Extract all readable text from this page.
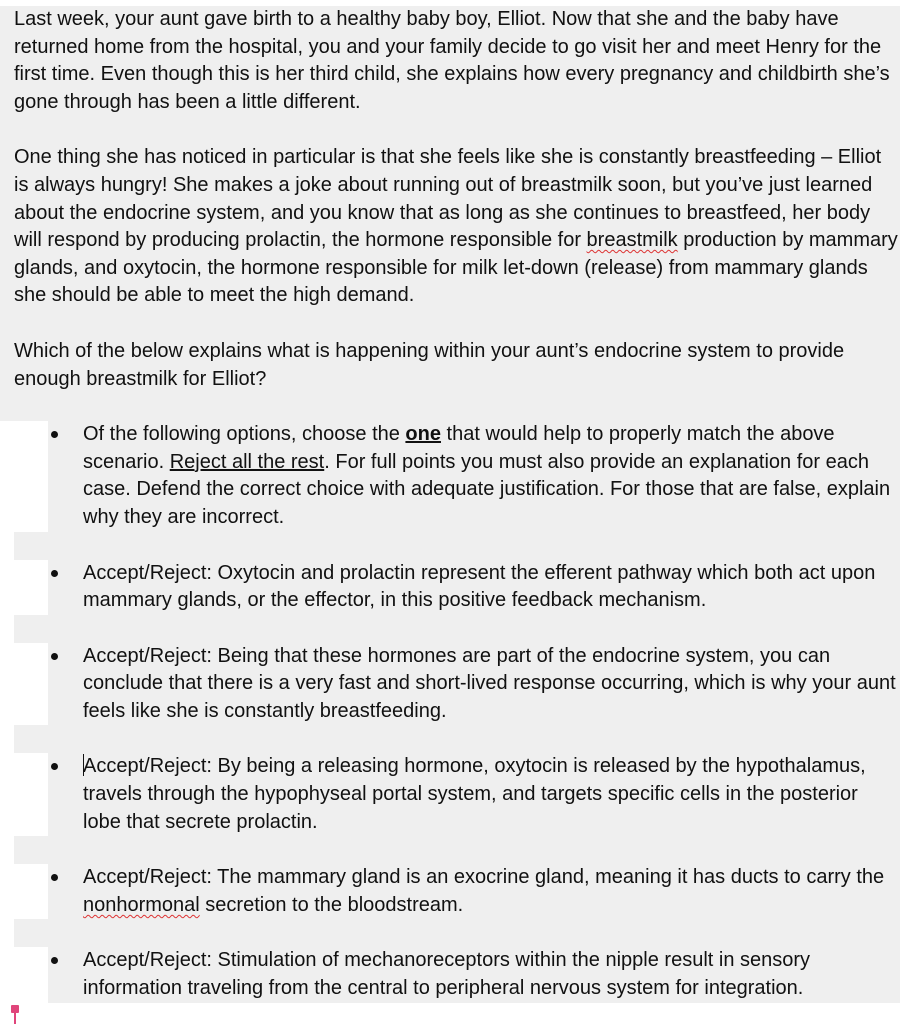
Last week, your aunt gave birth to a healthy baby boy, Elliot. Now that she and the baby have returned home from the hospital, you and your family decide to go visit her and meet Henry for the first time. Even though this is her third child, she explains how every pregnancy and childbirth she’s gone through has been a little different.

One thing she has noticed in particular is that she feels like she is constantly breastfeeding – Elliot is always hungry! She makes a joke about running out of breastmilk soon, but you’ve just learned about the endocrine system, and you know that as long as she continues to breastfeed, her body will respond by producing prolactin, the hormone responsible for breastmilk production by mammary glands, and oxytocin, the hormone responsible for milk let-down (release) from mammary glands she should be able to meet the high demand.

Which of the below explains what is happening within your aunt’s endocrine system to provide enough breastmilk for Elliot?

Of the following options, choose the one that would help to properly match the above scenario. Reject all the rest. For full points you must also provide an explanation for each case. Defend the correct choice with adequate justification. For those that are false, explain why they are incorrect.
Accept/Reject: Oxytocin and prolactin represent the efferent pathway which both act upon mammary glands, or the effector, in this positive feedback mechanism.
Accept/Reject: Being that these hormones are part of the endocrine system, you can conclude that there is a very fast and short-lived response occurring, which is why your aunt feels like she is constantly breastfeeding.
Accept/Reject: By being a releasing hormone, oxytocin is released by the hypothalamus, travels through the hypophyseal portal system, and targets specific cells in the posterior lobe that secrete prolactin.
Accept/Reject: The mammary gland is an exocrine gland, meaning it has ducts to carry the nonhormonal secretion to the bloodstream.
Accept/Reject: Stimulation of mechanoreceptors within the nipple result in sensory information traveling from the central to peripheral nervous system for integration.
